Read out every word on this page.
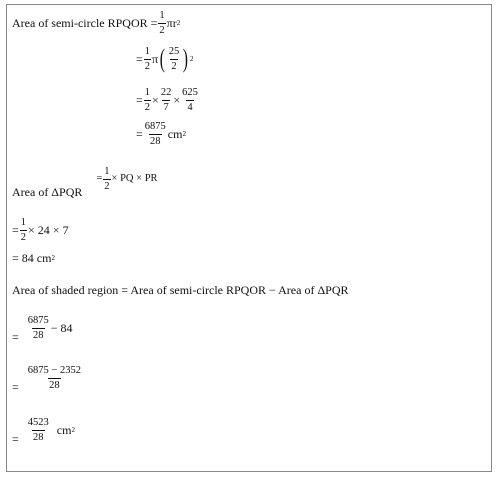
Area of semi-circle RPQOR = $\frac{1}{2}$ π r 2
= $\frac{1}{2}$ π ( $\frac{25}{2}$ ) 2
= $\frac{1}{2} \times \frac{22}{7} \times \frac{625}{4}$
= $\frac{6875}{28}$ cm 2
Area of ΔPQR
= $\frac{1}{2}$ × PQ × PR
= $\frac{1}{2} \times 24 \times 7$
= 84 cm 2
Area of shaded region = Area of semi-circle RPQOR − Area of ΔPQR
= $\frac{6875}{28} - 84$
= $\frac{6875 - 2352}{28}$
= $\frac{4523}{28}$ cm 2
